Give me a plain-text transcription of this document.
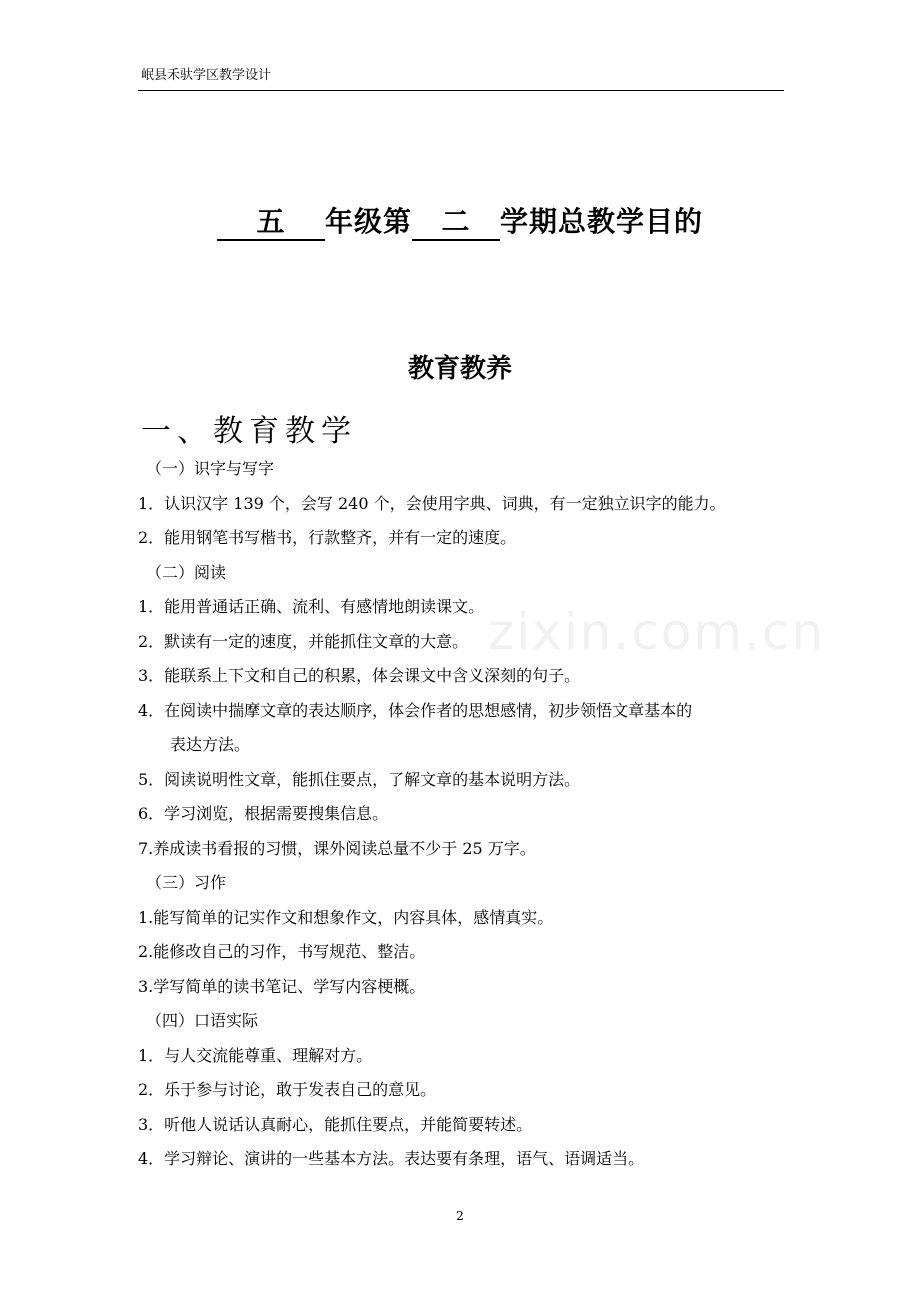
岷县禾驮学区教学设计
五 年级第 二 学期总教学目的
教育教养
一、教育教学
zixin.com.cn
（一）识字与写字
1．认识汉字 139 个，会写 240 个，会使用字典、词典，有一定独立识字的能力。
2．能用钢笔书写楷书，行款整齐，并有一定的速度。
（二）阅读
1．能用普通话正确、流利、有感情地朗读课文。
2．默读有一定的速度，并能抓住文章的大意。
3．能联系上下文和自己的积累，体会课文中含义深刻的句子。
4．在阅读中揣摩文章的表达顺序，体会作者的思想感情，初步领悟文章基本的
表达方法。
5．阅读说明性文章，能抓住要点，了解文章的基本说明方法。
6．学习浏览，根据需要搜集信息。
7.养成读书看报的习惯，课外阅读总量不少于 25 万字。
（三）习作
1.能写简单的记实作文和想象作文，内容具体，感情真实。
2.能修改自己的习作，书写规范、整洁。
3.学写简单的读书笔记、学写内容梗概。
（四）口语实际
1．与人交流能尊重、理解对方。
2．乐于参与讨论，敢于发表自己的意见。
3．听他人说话认真耐心，能抓住要点，并能简要转述。
4．学习辩论、演讲的一些基本方法。表达要有条理，语气、语调适当。
2
